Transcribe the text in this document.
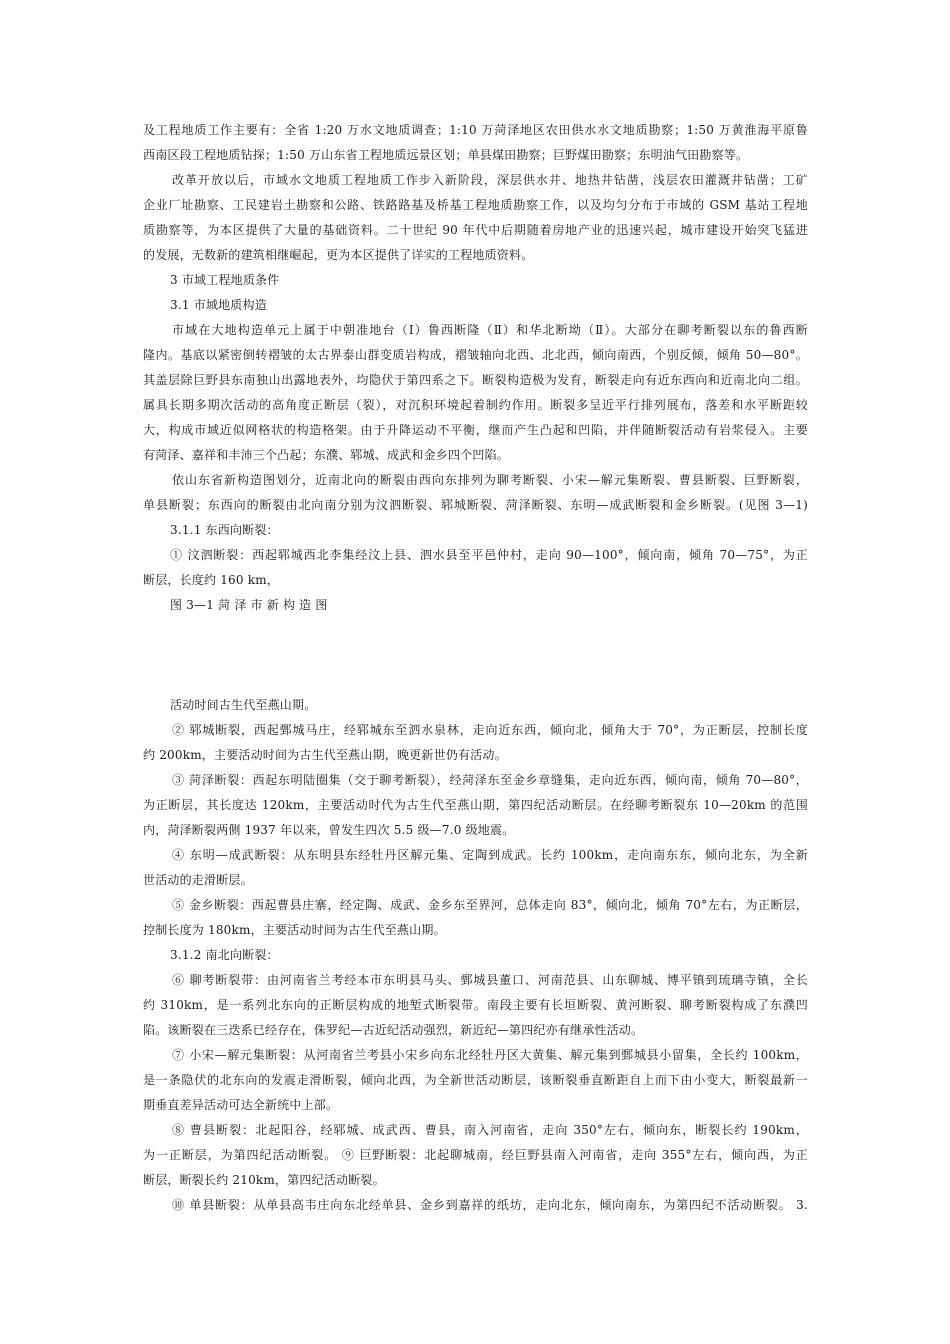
及工程地质工作主要有：全省 1:20 万水文地质调查；1:10 万菏泽地区农田供水水文地质勘察；1:50 万黄淮海平原鲁
西南区段工程地质钻探；1:50 万山东省工程地质远景区划；单县煤田勘察；巨野煤田勘察；东明油气田勘察等。
改革开放以后，市域水文地质工程地质工作步入新阶段，深层供水井、地热井钻凿，浅层农田灌溉井钻凿；工矿
企业厂址勘察、工民建岩土勘察和公路、铁路路基及桥基工程地质勘察工作，以及均匀分布于市域的 GSM 基站工程地
质勘察等，为本区提供了大量的基础资料。二十世纪 90 年代中后期随着房地产业的迅速兴起，城市建设开始突飞猛进
的发展，无数新的建筑相继崛起，更为本区提供了详实的工程地质资料。
3 市域工程地质条件
3.1 市域地质构造
市域在大地构造单元上属于中朝准地台（Ⅰ）鲁西断隆（Ⅱ）和华北断坳（Ⅱ）。大部分在聊考断裂以东的鲁西断
隆内。基底以紧密倒转褶皱的太古界泰山群变质岩构成，褶皱轴向北西、北北西，倾向南西，个别反倾，倾角 50—80°。
其盖层除巨野县东南独山出露地表外，均隐伏于第四系之下。断裂构造极为发育，断裂走向有近东西向和近南北向二组。
属具长期多期次活动的高角度正断层（裂），对沉积环境起着制约作用。断裂多呈近平行排列展布，落差和水平断距较
大，构成市域近似网格状的构造格架。由于升降运动不平衡，继而产生凸起和凹陷，并伴随断裂活动有岩浆侵入。主要
有菏泽、嘉祥和丰沛三个凸起；东濮、郓城、成武和金乡四个凹陷。
依山东省新构造图划分，近南北向的断裂由西向东排列为聊考断裂、小宋—解元集断裂、曹县断裂、巨野断裂，
单县断裂；东西向的断裂由北向南分别为汶泗断裂、郓城断裂、菏泽断裂、东明—成武断裂和金乡断裂。(见图 3—1)
3.1.1 东西向断裂：
① 汶泗断裂：西起郓城西北李集经汶上县、泗水县至平邑仲村，走向 90—100°，倾向南，倾角 70—75°，为正
断层，长度约 160 km，
图 3—1 菏 泽 市 新 构 造 图
活动时间古生代至燕山期。
② 郓城断裂，西起鄄城马庄，经郓城东至泗水泉林，走向近东西，倾向北，倾角大于 70°，为正断层，控制长度
约 200km，主要活动时间为古生代至燕山期，晚更新世仍有活动。
③ 菏泽断裂：西起东明陆圈集（交于聊考断裂），经菏泽东至金乡章缝集，走向近东西，倾向南，倾角 70—80°，
为正断层，其长度达 120km，主要活动时代为古生代至燕山期，第四纪活动断层。在经聊考断裂东 10—20km 的范围
内，菏泽断裂两侧 1937 年以来，曾发生四次 5.5 级—7.0 级地震。
④ 东明—成武断裂：从东明县东经牡丹区解元集、定陶到成武。长约 100km，走向南东东，倾向北东，为全新
世活动的走滑断层。
⑤ 金乡断裂：西起曹县庄寨，经定陶、成武、金乡东至界河，总体走向 83°，倾向北，倾角 70°左右，为正断层，
控制长度为 180km，主要活动时间为古生代至燕山期。
3.1.2 南北向断裂：
⑥ 聊考断裂带：由河南省兰考经本市东明县马头、鄄城县董口、河南范县、山东聊城、博平镇到琉璃寺镇，全长
约 310km，是一系列北东向的正断层构成的地堑式断裂带。南段主要有长垣断裂、黄河断裂、聊考断裂构成了东濮凹
陷。该断裂在三迭系已经存在，侏罗纪—古近纪活动强烈，新近纪—第四纪亦有继承性活动。
⑦ 小宋—解元集断裂：从河南省兰考县小宋乡向东北经牡丹区大黄集、解元集到鄄城县小留集，全长约 100km，
是一条隐伏的北东向的发震走滑断裂，倾向北西，为全新世活动断层，该断裂垂直断距自上而下由小变大，断裂最新一
期垂直差异活动可达全新统中上部。
⑧ 曹县断裂：北起阳谷，经郓城、成武西、曹县，南入河南省，走向 350°左右，倾向东，断裂长约 190km，
为一正断层，为第四纪活动断裂。 ⑨ 巨野断裂：北起聊城南，经巨野县南入河南省，走向 355°左右，倾向西，为正
断层，断裂长约 210km，第四纪活动断裂。
⑩ 单县断裂：从单县高韦庄向东北经单县、金乡到嘉祥的纸坊，走向北东，倾向南东，为第四纪不活动断裂。 3.
